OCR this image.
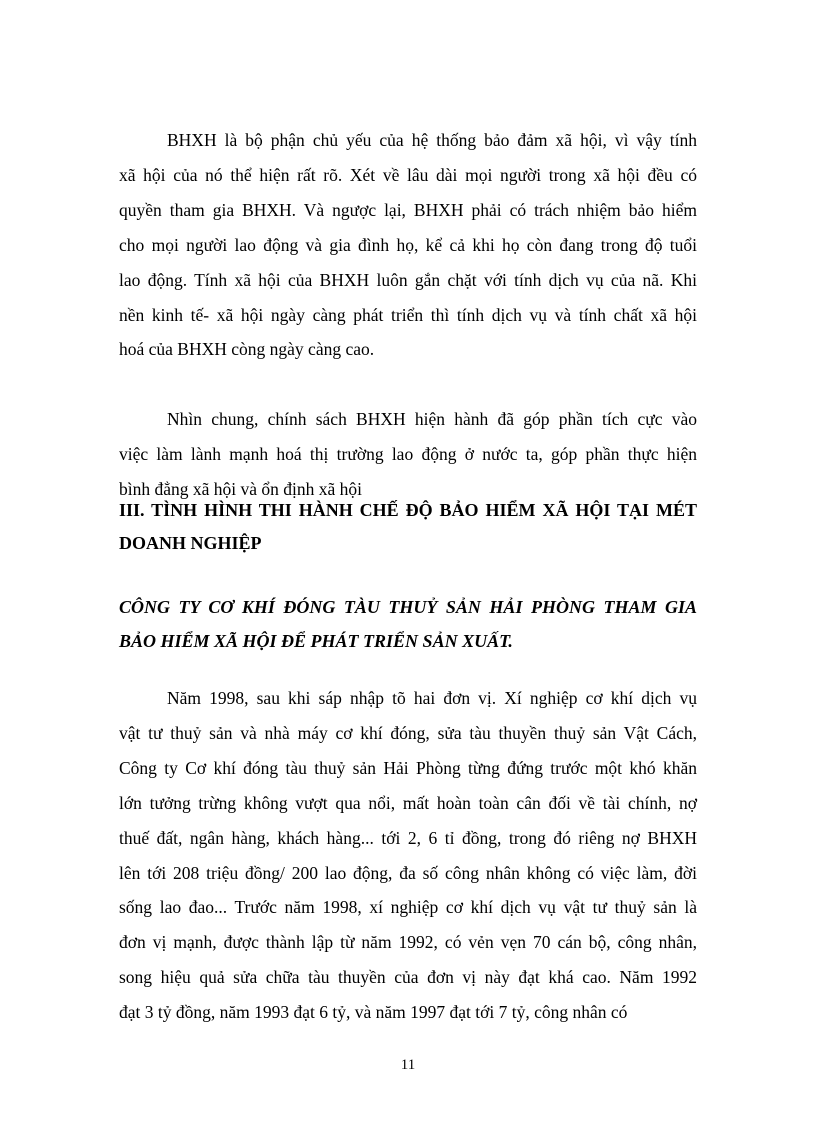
BHXH là bộ phận chủ yếu của hệ thống bảo đảm xã hội, vì vậy tính
xã hội của nó thể hiện rất rõ. Xét về lâu dài mọi người trong xã hội đều có
quyền tham gia BHXH. Và ngược lại, BHXH phải có trách nhiệm bảo hiểm
cho mọi người lao động và gia đình họ, kể cả khi họ còn đang trong độ tuổi
lao động. Tính xã hội của BHXH luôn gắn chặt với tính dịch vụ của nã. Khi
nền kinh tế- xã hội ngày càng phát triển thì tính dịch vụ và tính chất xã hội
hoá của BHXH còng ngày càng cao.
Nhìn chung, chính sách BHXH hiện hành đã góp phần tích cực vào
việc làm lành mạnh hoá thị trường lao động ở nước ta, góp phần thực hiện
bình đẳng xã hội và ổn định xã hội
III. TÌNH HÌNH THI HÀNH CHẾ ĐỘ BẢO HIỂM XÃ HỘI TẠI MÉT
DOANH NGHIỆP
CÔNG TY CƠ KHÍ ĐÓNG TÀU THUỶ SẢN HẢI PHÒNG THAM GIA
BẢO HIỂM XÃ HỘI ĐỂ PHÁT TRIỂN SẢN XUẤT.
Năm 1998, sau khi sáp nhập tõ hai đơn vị. Xí nghiệp cơ khí dịch vụ
vật tư thuỷ sản và nhà máy cơ khí đóng, sửa tàu thuyền thuỷ sản Vật Cách,
Công ty Cơ khí đóng tàu thuỷ sản Hải Phòng từng đứng trước một khó khăn
lớn tưởng trừng không vượt qua nổi, mất hoàn toàn cân đối về tài chính, nợ
thuế đất, ngân hàng, khách hàng... tới 2, 6 tỉ đồng, trong đó riêng nợ BHXH
lên tới 208 triệu đồng/ 200 lao động, đa số công nhân không có việc làm, đời
sống lao đao... Trước năm 1998, xí nghiệp cơ khí dịch vụ vật tư thuỷ sản là
đơn vị mạnh, được thành lập từ năm 1992, có vẻn vẹn 70 cán bộ, công nhân,
song hiệu quả sửa chữa tàu thuyền của đơn vị này đạt khá cao. Năm 1992
đạt 3 tỷ đồng, năm 1993 đạt 6 tỷ, và năm 1997 đạt tới 7 tỷ, công nhân có
11
